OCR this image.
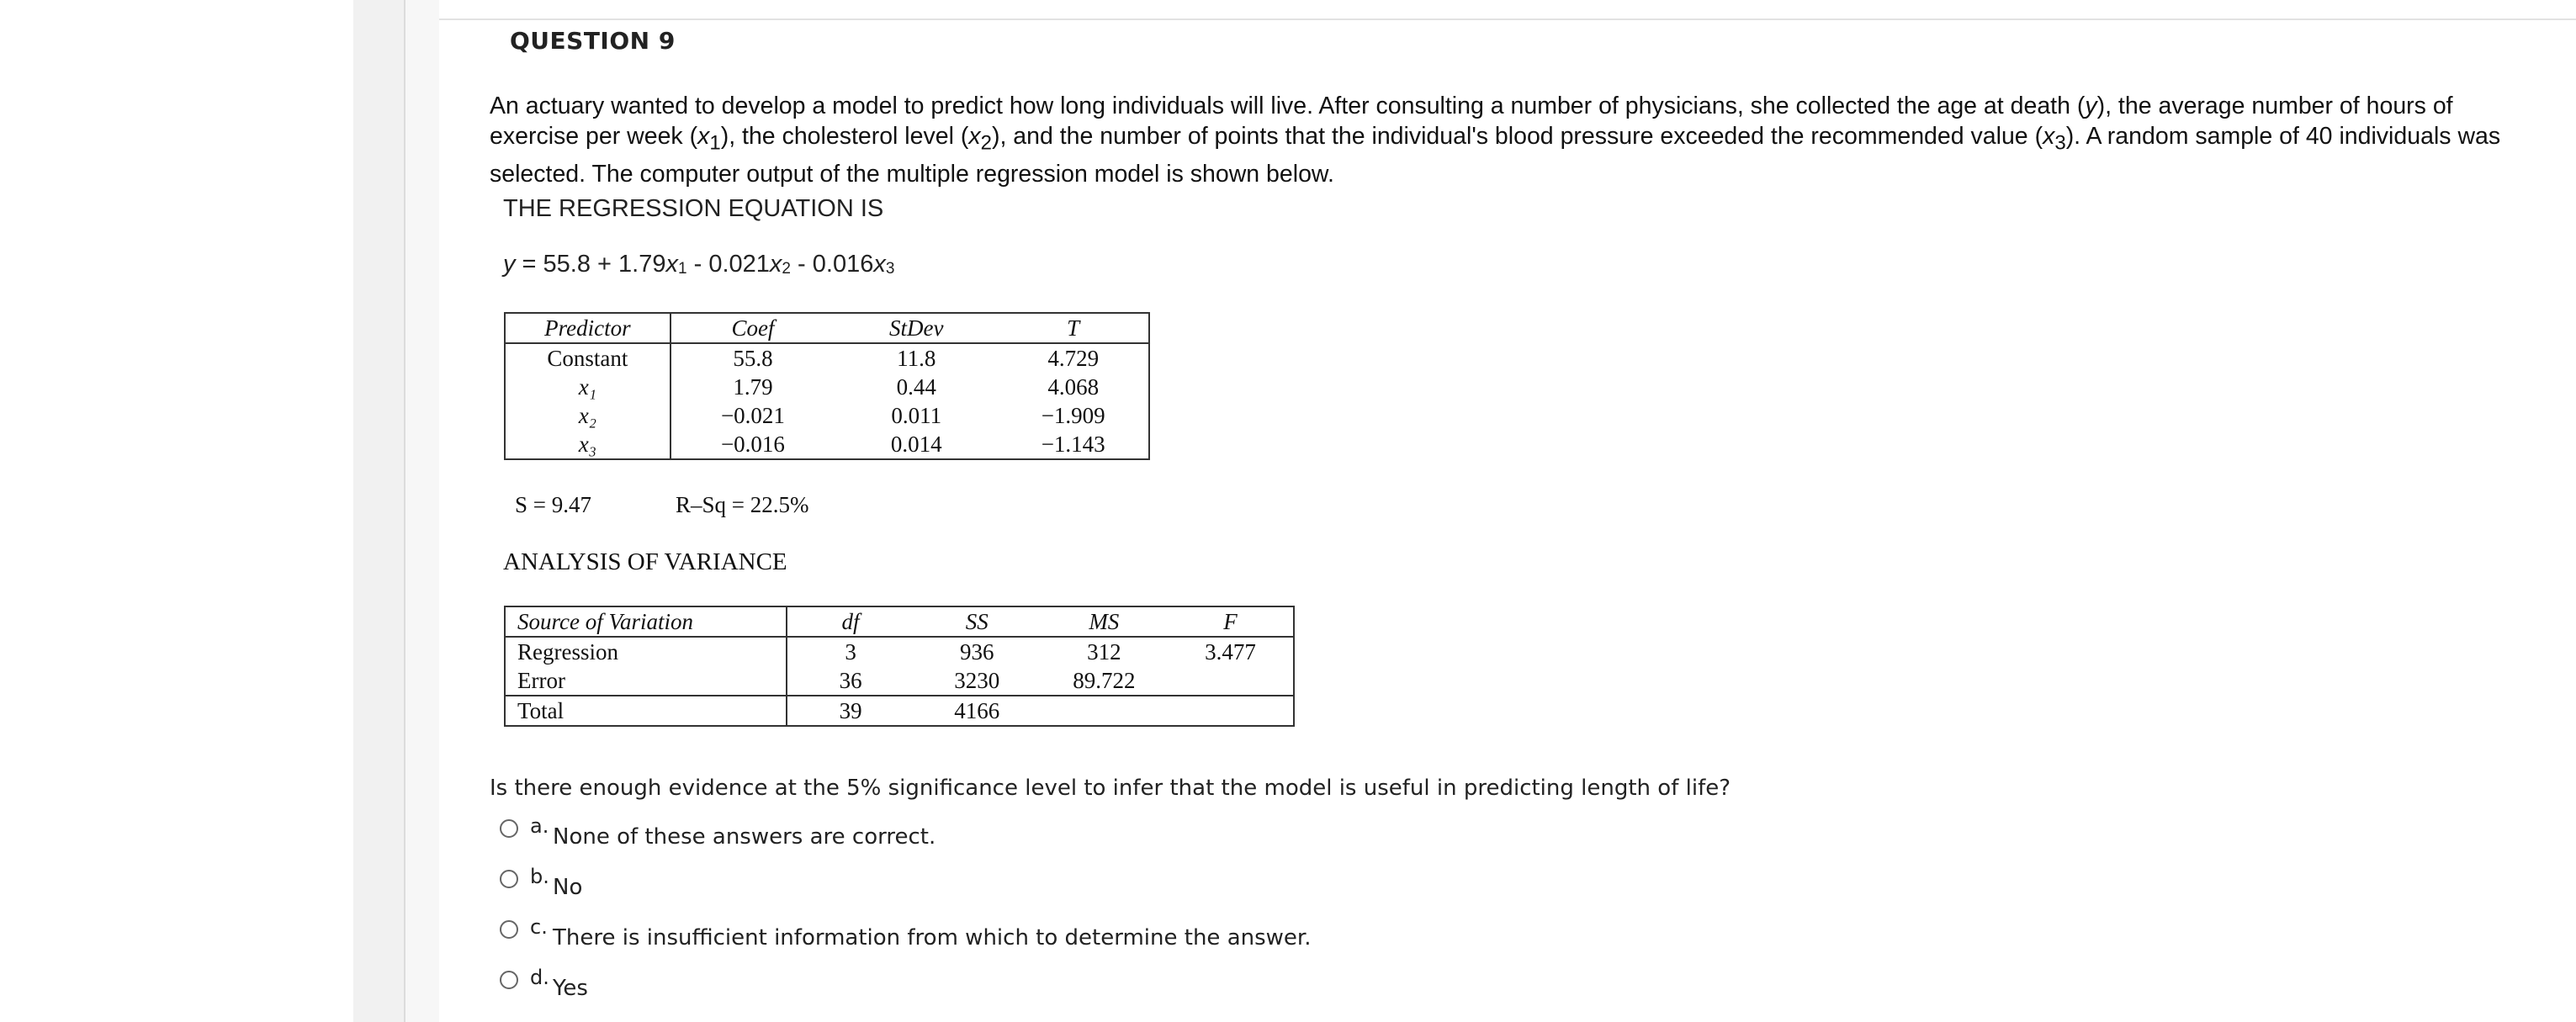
QUESTION 9
An actuary wanted to develop a model to predict how long individuals will live. After consulting a number of physicians, she collected the age at death (y), the average number of hours of exercise per week $(x_1)$, the cholesterol level $(x_2)$, and the number of points that the individual's blood pressure exceeded the recommended value $(x_3)$. A random sample of 40 individuals was selected. The computer output of the multiple regression model is shown below.
THE REGRESSION EQUATION IS
$y = 55.8 + 1.79x_1 - 0.021x_2 - 0.016x_3$
Predictor	Coef	StDev	T
Constant	55.8	11.8	4.729
x₁	1.79	0.44	4.068
x₂	−0.021	0.011	−1.909
x₃	−0.016	0.014	−1.143
S = 9.47	R–Sq = 22.5%
ANALYSIS OF VARIANCE
Source of Variation	df	SS	MS	F
Regression	3	936	312	3.477
Error	36	3230	89.722	
Total	39	4166		
Is there enough evidence at the 5% significance level to infer that the model is useful in predicting length of life?
a. None of these answers are correct.
b. No
c. There is insufficient information from which to determine the answer.
d. Yes
